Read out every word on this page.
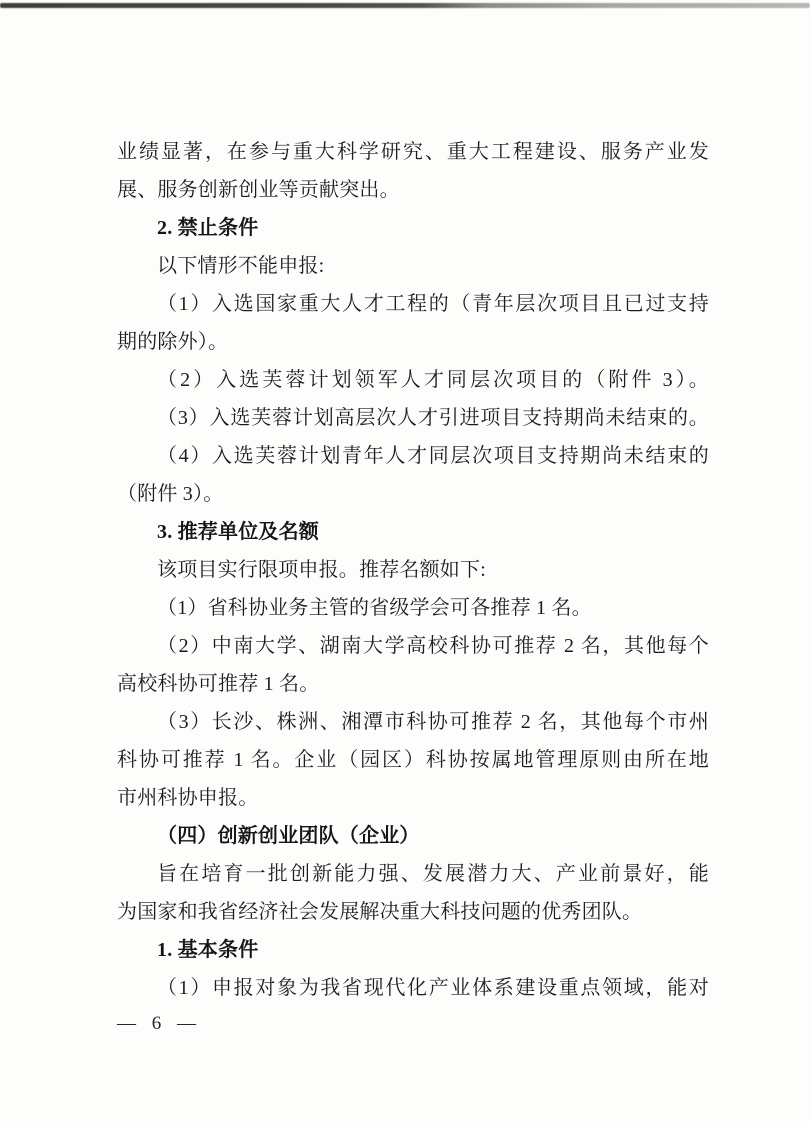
业绩显著，在参与重大科学研究、重大工程建设、服务产业发
展、服务创新创业等贡献突出。
2. 禁止条件
以下情形不能申报:
（1）入选国家重大人才工程的（青年层次项目且已过支持
期的除外）。
（2）入选芙蓉计划领军人才同层次项目的（附件 3）。
（3）入选芙蓉计划高层次人才引进项目支持期尚未结束的。
（4）入选芙蓉计划青年人才同层次项目支持期尚未结束的
（附件 3）。
3. 推荐单位及名额
该项目实行限项申报。推荐名额如下:
（1）省科协业务主管的省级学会可各推荐 1 名。
（2）中南大学、湖南大学高校科协可推荐 2 名，其他每个
高校科协可推荐 1 名。
（3）长沙、株洲、湘潭市科协可推荐 2 名，其他每个市州
科协可推荐 1 名。企业（园区）科协按属地管理原则由所在地
市州科协申报。
（四）创新创业团队（企业）
旨在培育一批创新能力强、发展潜力大、产业前景好，能
为国家和我省经济社会发展解决重大科技问题的优秀团队。
1. 基本条件
（1）申报对象为我省现代化产业体系建设重点领域，能对
— 6 —
